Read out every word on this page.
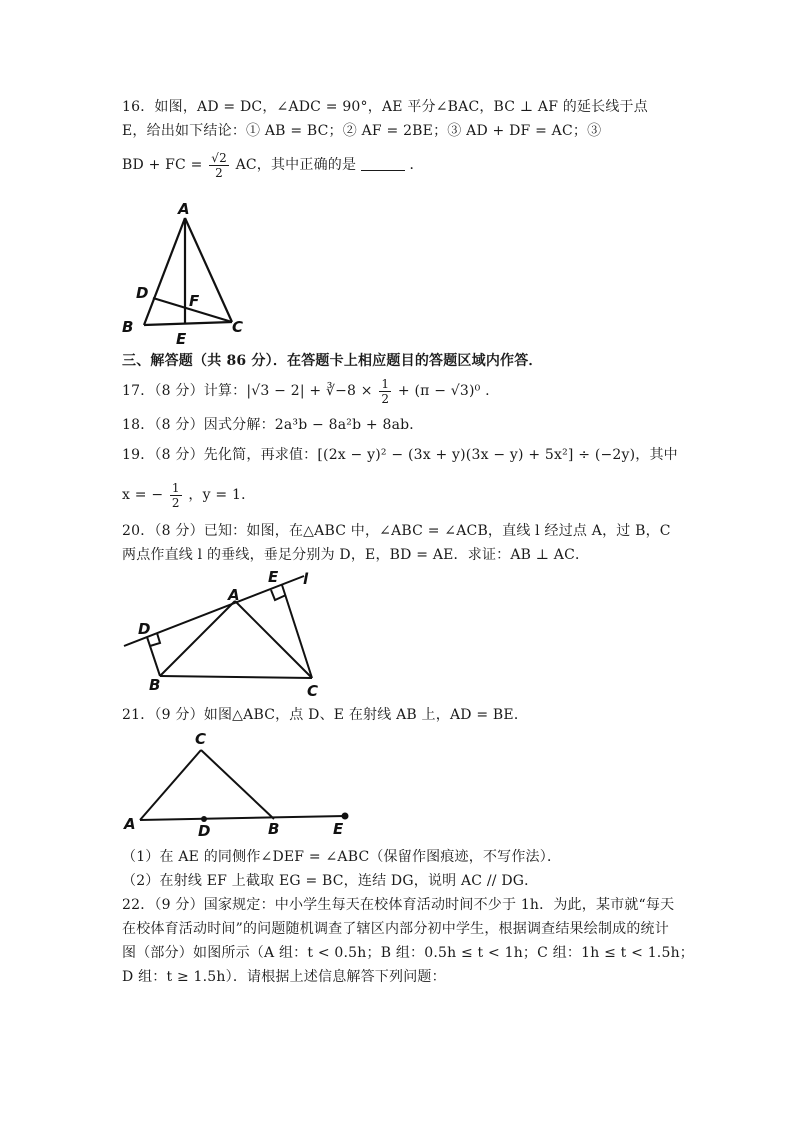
16．如图，AD = DC，∠ADC = 90°，AE 平分∠BAC，BC ⊥ AF 的延长线于点
E，给出如下结论：① AB = BC；② AF = 2BE；③ AD + DF = AC；③
BD + FC = $\frac{√2}{2}$ AC，其中正确的是	．
A
B	C
D
E
F
三、解答题（共 86 分）．在答题卡上相应题目的答题区域内作答．
17．（8 分）计算：|√3 − 2| + ∛−8 × $\frac{1}{2} + (\pi - √3)^0$ .
18．（8 分）因式分解：2a³b − 8a²b + 8ab．
19．（8 分）先化简，再求值：[(2x − y)² − (3x + y)(3x − y) + 5x²] ÷ (−2y)，其中
x = − $\frac{1}{2}$ ，y = 1．
20．（8 分）已知：如图，在△ABC 中，∠ABC = ∠ACB，直线 l 经过点 A，过 B，C
两点作直线 l 的垂线，垂足分别为 D，E，BD = AE．求证：AB ⊥ AC．
A
B	C
D
E l
21．（9 分）如图△ABC，点 D、E 在射线 AB 上，AD = BE．
C
A	D	B	E
（1）在 AE 的同侧作∠DEF = ∠ABC（保留作图痕迹，不写作法）．
（2）在射线 EF 上截取 EG = BC，连结 DG，说明 AC // DG．
22．（9 分）国家规定：中小学生每天在校体育活动时间不少于 1h．为此，某市就“每天
在校体育活动时间”的问题随机调查了辖区内部分初中学生，根据调查结果绘制成的统计
图（部分）如图所示（A 组：t < 0.5h；B 组：0.5h ≤ t < 1h；C 组：1h ≤ t < 1.5h；
D 组：t ≥ 1.5h）．请根据上述信息解答下列问题：
